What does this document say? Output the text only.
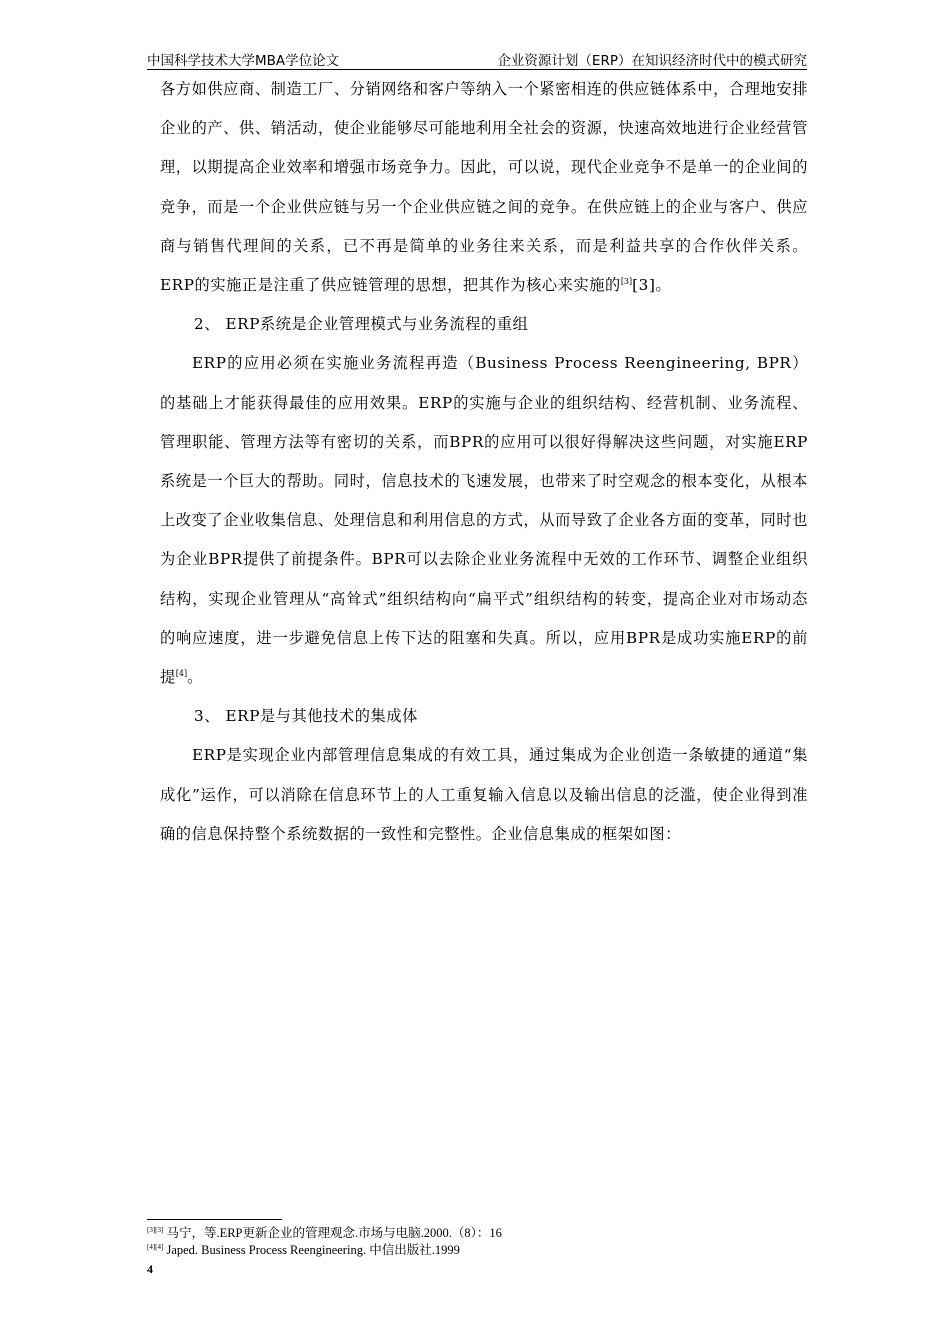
中国科学技术大学MBA学位论文	企业资源计划（ERP）在知识经济时代中的模式研究

各方如供应商、制造工厂、分销网络和客户等纳入一个紧密相连的供应链体系中，合理地安排企业的产、供、销活动，使企业能够尽可能地利用全社会的资源，快速高效地进行企业经营管理，以期提高企业效率和增强市场竞争力。因此，可以说，现代企业竞争不是单一的企业间的竞争，而是一个企业供应链与另一个企业供应链之间的竞争。在供应链上的企业与客户、供应商与销售代理间的关系，已不再是简单的业务往来关系，而是利益共享的合作伙伴关系。ERP的实施正是注重了供应链管理的思想，把其作为核心来实施的[3][3]。

2、 ERP系统是企业管理模式与业务流程的重组

ERP的应用必须在实施业务流程再造（Business Process Reengineering, BPR）的基础上才能获得最佳的应用效果。ERP的实施与企业的组织结构、经营机制、业务流程、管理职能、管理方法等有密切的关系，而BPR的应用可以很好得解决这些问题，对实施ERP系统是一个巨大的帮助。同时，信息技术的飞速发展，也带来了时空观念的根本变化，从根本上改变了企业收集信息、处理信息和利用信息的方式，从而导致了企业各方面的变革，同时也为企业BPR提供了前提条件。BPR可以去除企业业务流程中无效的工作环节、调整企业组织结构，实现企业管理从“高耸式”组织结构向“扁平式”组织结构的转变，提高企业对市场动态的响应速度，进一步避免信息上传下达的阻塞和失真。所以，应用BPR是成功实施ERP的前提[4]。

3、 ERP是与其他技术的集成体

ERP是实现企业内部管理信息集成的有效工具，通过集成为企业创造一条敏捷的通道“集成化”运作，可以消除在信息环节上的人工重复输入信息以及输出信息的泛滥，使企业得到准确的信息保持整个系统数据的一致性和完整性。企业信息集成的框架如图：

[3][3] 马宁，等.ERP更新企业的管理观念.市场与电脑.2000.（8）：16
[4][4] Japed. Business Process Reengineering. 中信出版社.1999
4
